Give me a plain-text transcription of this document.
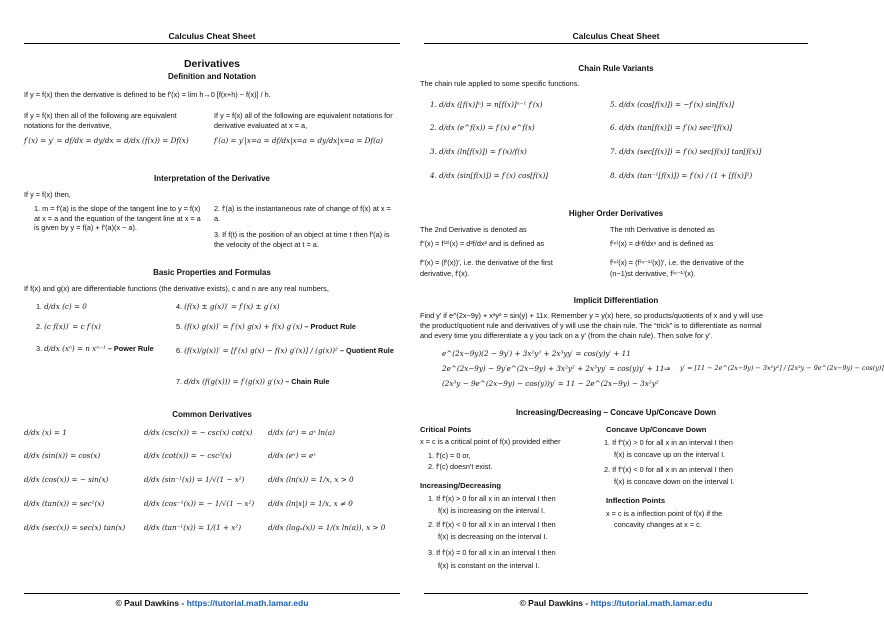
Calculus Cheat Sheet
Derivatives
Definition and Notation
If y = f(x) then the derivative is defined to be f′(x) = lim h→0 [f(x+h) − f(x)] / h.
If y = f(x) then all of the following are equivalent notations for the derivative,
f′(x) = y′ = df/dx = dy/dx = d/dx (f(x)) = Df(x)
If y = f(x) all of the following are equivalent notations for derivative evaluated at x = a,
f′(a) = y′|x=a = df/dx|x=a = dy/dx|x=a = Df(a)
Interpretation of the Derivative
If y = f(x) then,
1. m = f′(a) is the slope of the tangent line to y = f(x) at x = a and the equation of the tangent line at x = a is given by y = f(a) + f′(a)(x − a).
2. f′(a) is the instantaneous rate of change of f(x) at x = a.
3. If f(t) is the position of an object at time t then f′(a) is the velocity of the object at t = a.
Basic Properties and Formulas
If f(x) and g(x) are differentiable functions (the derivative exists), c and n are any real numbers,
1. d/dx (c) = 0
2. (c f(x))′ = c f′(x)
3. d/dx (xⁿ) = n xⁿ⁻¹ – Power Rule
4. (f(x) ± g(x))′ = f′(x) ± g′(x)
5. (f(x) g(x))′ = f′(x) g(x) + f(x) g′(x) – Product Rule
6. (f(x)/g(x))′ = [f′(x) g(x) − f(x) g′(x)] / (g(x))² – Quotient Rule
7. d/dx (f(g(x))) = f′(g(x)) g′(x) – Chain Rule
Common Derivatives
d/dx (x) = 1
d/dx (sin(x)) = cos(x)
d/dx (cos(x)) = − sin(x)
d/dx (tan(x)) = sec²(x)
d/dx (sec(x)) = sec(x) tan(x)
d/dx (csc(x)) = − csc(x) cot(x)
d/dx (cot(x)) = − csc²(x)
d/dx (sin⁻¹(x)) = 1/√(1 − x²)
d/dx (cos⁻¹(x)) = − 1/√(1 − x²)
d/dx (tan⁻¹(x)) = 1/(1 + x²)
d/dx (aˣ) = aˣ ln(a)
d/dx (eˣ) = eˣ
d/dx (ln(x)) = 1/x, x > 0
d/dx (ln|x|) = 1/x, x ≠ 0
d/dx (logₐ(x)) = 1/(x ln(a)), x > 0
© Paul Dawkins - https://tutorial.math.lamar.edu
Calculus Cheat Sheet
Chain Rule Variants
The chain rule applied to some specific functions.
1. d/dx ([f(x)]ⁿ) = n[f(x)]ⁿ⁻¹ f′(x)
2. d/dx (e^f(x)) = f′(x) e^f(x)
3. d/dx (ln[f(x)]) = f′(x)/f(x)
4. d/dx (sin[f(x)]) = f′(x) cos[f(x)]
5. d/dx (cos[f(x)]) = −f′(x) sin[f(x)]
6. d/dx (tan[f(x)]) = f′(x) sec²[f(x)]
7. d/dx (sec[f(x)]) = f′(x) sec[f(x)] tan[f(x)]
8. d/dx (tan⁻¹[f(x)]) = f′(x) / (1 + [f(x)]²)
Higher Order Derivatives
The 2nd Derivative is denoted as
f″(x) = f⁽²⁾(x) = d²f/dx² and is defined as
f″(x) = (f′(x))′, i.e. the derivative of the first
derivative, f′(x).
The nth Derivative is denoted as
f⁽ⁿ⁾(x) = dⁿf/dxⁿ and is defined as
f⁽ⁿ⁾(x) = (f⁽ⁿ⁻¹⁾(x))′, i.e. the derivative of the
(n−1)st derivative, f⁽ⁿ⁻¹⁾(x).
Implicit Differentiation
Find y′ if e^(2x−9y) + x³y² = sin(y) + 11x. Remember y = y(x) here, so products/quotients of x and y will use
the product/quotient rule and derivatives of y will use the chain rule. The “trick” is to differentiate as normal
and every time you differentiate a y you tack on a y′ (from the chain rule). Then solve for y′.
e^(2x−9y)(2 − 9y′) + 3x²y² + 2x³yy′ = cos(y)y′ + 11
2e^(2x−9y) − 9y′e^(2x−9y) + 3x²y² + 2x³yy′ = cos(y)y′ + 11
(2x³y − 9e^(2x−9y) − cos(y))y′ = 11 − 2e^(2x−9y) − 3x²y²
⇒ y′ = [11 − 2e^(2x−9y) − 3x²y²] / [2x³y − 9e^(2x−9y) − cos(y)]
Increasing/Decreasing – Concave Up/Concave Down
Critical Points
x = c is a critical point of f(x) provided either
1. f′(c) = 0 or,
2. f′(c) doesn't exist.
Increasing/Decreasing
1. If f′(x) > 0 for all x in an interval I then
f(x) is increasing on the interval I.
2. If f′(x) < 0 for all x in an interval I then
f(x) is decreasing on the interval I.
3. If f′(x) = 0 for all x in an interval I then
f(x) is constant on the interval I.
Concave Up/Concave Down
1. If f″(x) > 0 for all x in an interval I then
f(x) is concave up on the interval I.
2. If f″(x) < 0 for all x in an interval I then
f(x) is concave down on the interval I.
Inflection Points
x = c is a inflection point of f(x) if the
concavity changes at x = c.
© Paul Dawkins - https://tutorial.math.lamar.edu
